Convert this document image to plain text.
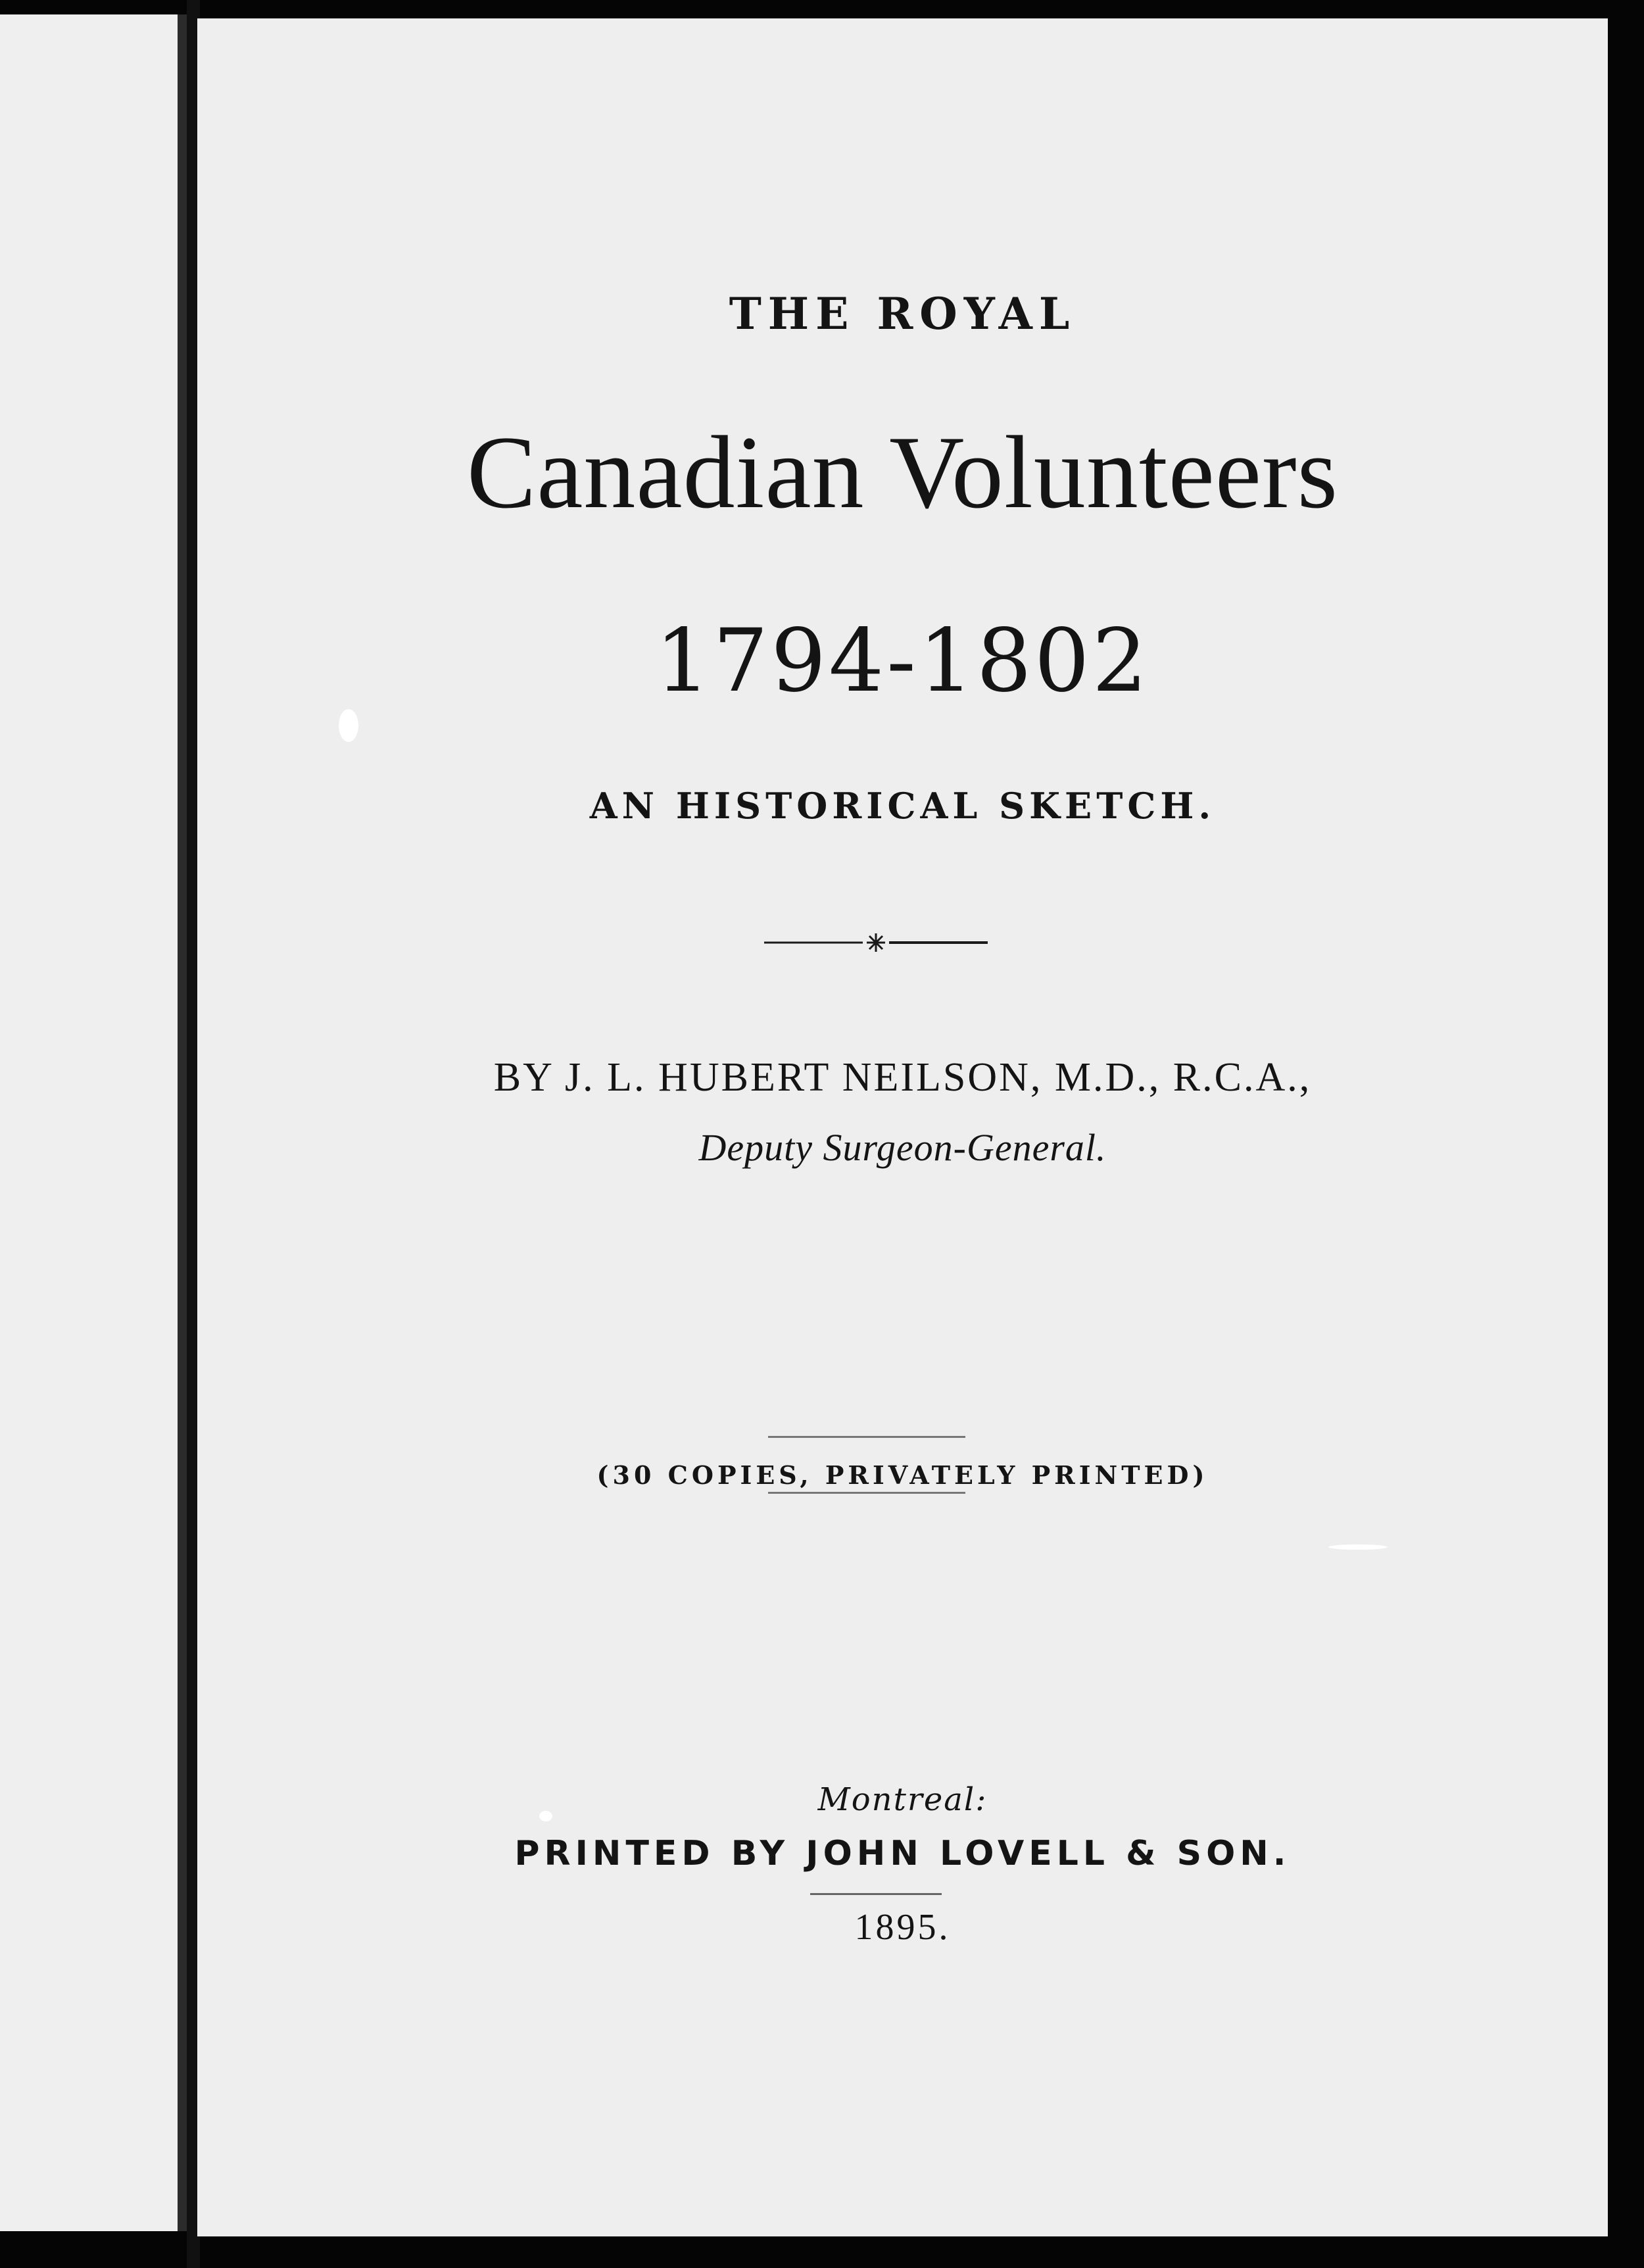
THE ROYAL
Canadian Volunteers
1794-1802
AN HISTORICAL SKETCH.
BY J. L. HUBERT NEILSON, M.D., R.C.A.,
Deputy Surgeon-General.
(30 COPIES, PRIVATELY PRINTED)
Montreal:
PRINTED BY JOHN LOVELL & SON.
1895.
